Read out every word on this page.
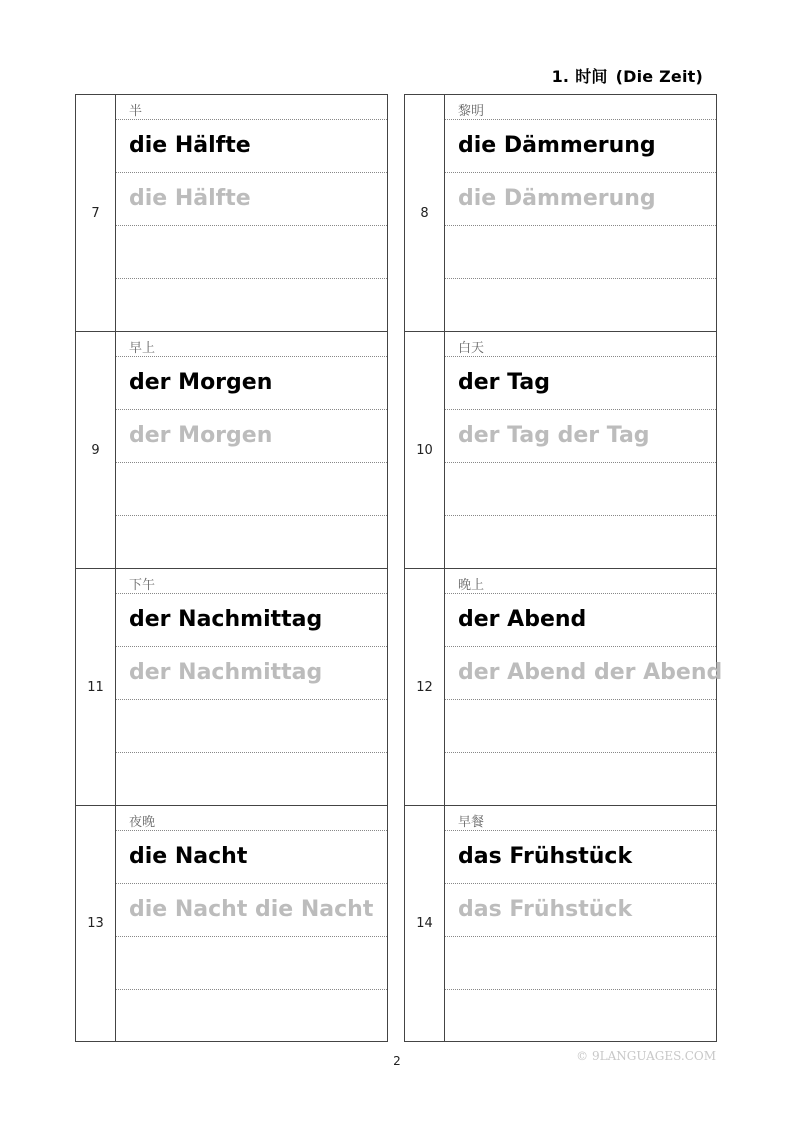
1. 时间 (Die Zeit)
7
半
die Hälfte
die Hälfte
8
黎明
die Dämmerung
die Dämmerung
9
早上
der Morgen
der Morgen
10
白天
der Tag
der Tag der Tag
11
下午
der Nachmittag
der Nachmittag
12
晚上
der Abend
der Abend der Abend
13
夜晚
die Nacht
die Nacht die Nacht
14
早餐
das Frühstück
das Frühstück
2	© 9LANGUAGES.COM
